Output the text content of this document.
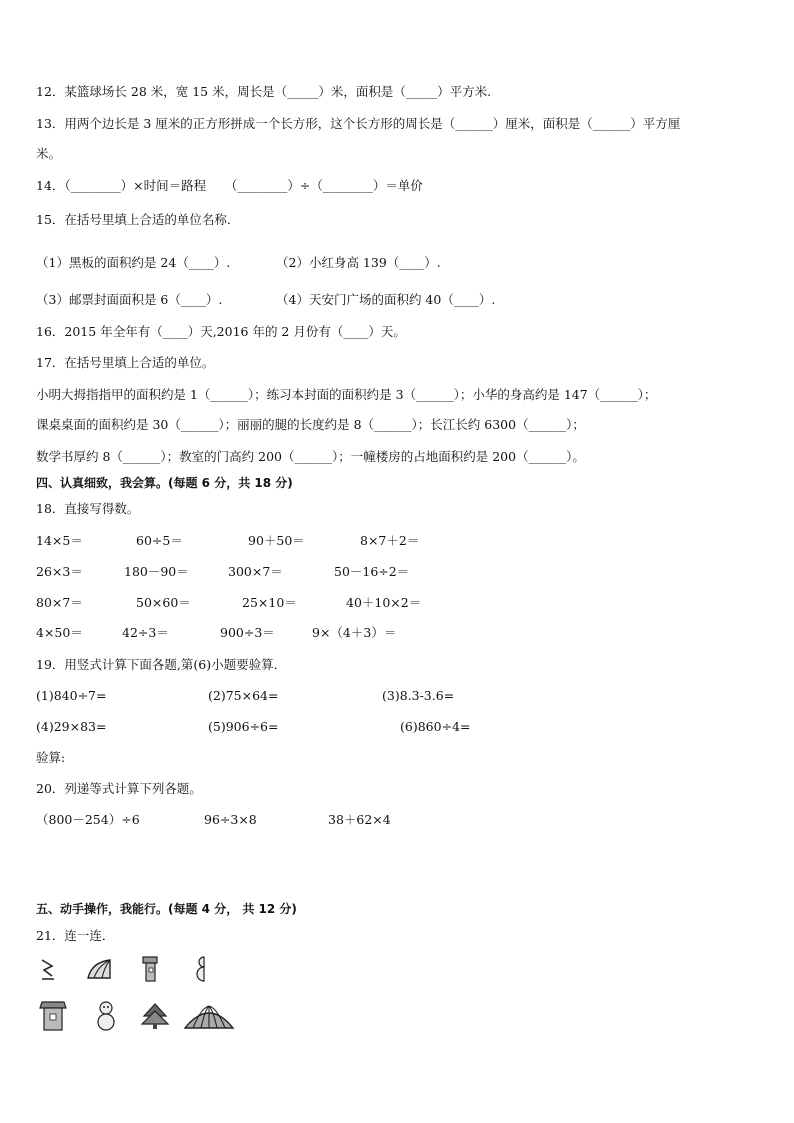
12．某篮球场长 28 米，宽 15 米，周长是（_____）米，面积是（_____）平方米.
13．用两个边长是 3 厘米的正方形拼成一个长方形，这个长方形的周长是（______）厘米，面积是（______）平方厘
米。
14．（________）×时间＝路程　　（________）÷（________）＝单价
15．在括号里填上合适的单位名称．
（1）黑板的面积约是 24（____）.	（2）小红身高 139（____）.
（3）邮票封面面积是 6（____）.	（4）天安门广场的面积约 40（____）.
16．2015 年全年有（____）天,2016 年的 2 月份有（____）天。
17．在括号里填上合适的单位。
小明大拇指指甲的面积约是 1（______）；练习本封面的面积约是 3（______）；小华的身高约是 147（______）；
课桌桌面的面积约是 30（______）；丽丽的腿的长度约是 8（______）；长江长约 6300（______）；
数学书厚约 8（______）；教室的门高约 200（______）；一幢楼房的占地面积约是 200（______）。
四、认真细致，我会算。(每题 6 分，共 18 分)
18．直接写得数。
14×5＝	60÷5＝	90＋50＝	8×7＋2＝
26×3＝	180－90＝	300×7＝	50－16÷2＝
80×7＝	50×60＝	25×10＝	40＋10×2＝
4×50＝	42÷3＝	900÷3＝	9×（4＋3）＝
19．用竖式计算下面各题,第(6)小题要验算．
(1)840÷7=	(2)75×64=	(3)8.3-3.6=
(4)29×83=	(5)906÷6=	(6)860÷4=
验算:
20．列递等式计算下列各题。
（800－254）÷6	96÷3×8	38＋62×4
五、动手操作，我能行。(每题 4 分， 共 12 分)
21．连一连．
